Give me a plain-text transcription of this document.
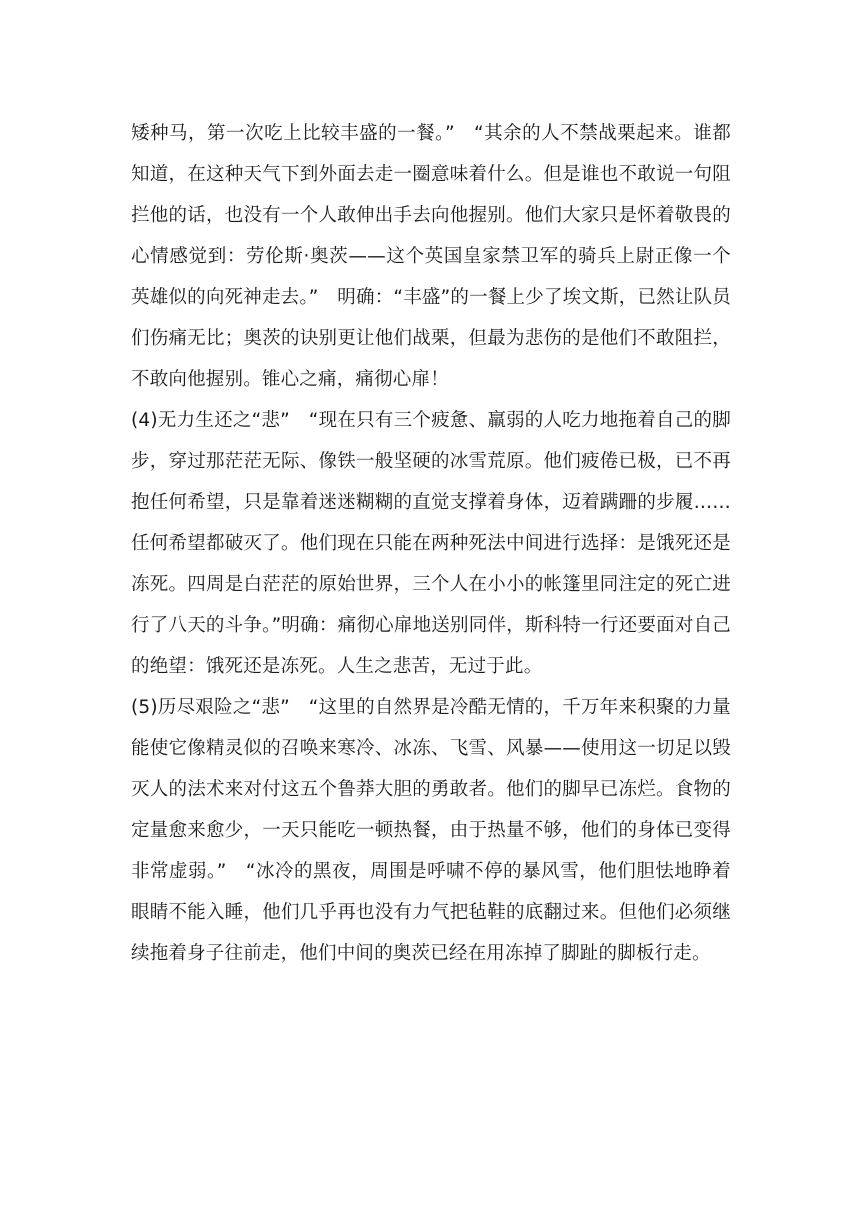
矮种马，第一次吃上比较丰盛的一餐。”　“其余的人不禁战栗起来。谁都知道，在这种天气下到外面去走一圈意味着什么。但是谁也不敢说一句阻拦他的话，也没有一个人敢伸出手去向他握别。他们大家只是怀着敬畏的心情感觉到：劳伦斯·奥茨——这个英国皇家禁卫军的骑兵上尉正像一个英雄似的向死神走去。”　明确：“丰盛”的一餐上少了埃文斯，已然让队员们伤痛无比；奥茨的诀别更让他们战栗，但最为悲伤的是他们不敢阻拦，不敢向他握别。锥心之痛，痛彻心扉！

(4)无力生还之“悲”　“现在只有三个疲惫、羸弱的人吃力地拖着自己的脚步，穿过那茫茫无际、像铁一般坚硬的冰雪荒原。他们疲倦已极，已不再抱任何希望，只是靠着迷迷糊糊的直觉支撑着身体，迈着蹒跚的步履……任何希望都破灭了。他们现在只能在两种死法中间进行选择：是饿死还是冻死。四周是白茫茫的原始世界，三个人在小小的帐篷里同注定的死亡进行了八天的斗争。”明确：痛彻心扉地送别同伴，斯科特一行还要面对自己的绝望：饿死还是冻死。人生之悲苦，无过于此。

(5)历尽艰险之“悲”　“这里的自然界是冷酷无情的，千万年来积聚的力量能使它像精灵似的召唤来寒冷、冰冻、飞雪、风暴——使用这一切足以毁灭人的法术来对付这五个鲁莽大胆的勇敢者。他们的脚早已冻烂。食物的定量愈来愈少，一天只能吃一顿热餐，由于热量不够，他们的身体已变得非常虚弱。”　“冰冷的黑夜，周围是呼啸不停的暴风雪，他们胆怯地睁着眼睛不能入睡，他们几乎再也没有力气把毡鞋的底翻过来。但他们必须继续拖着身子往前走，他们中间的奥茨已经在用冻掉了脚趾的脚板行走。
